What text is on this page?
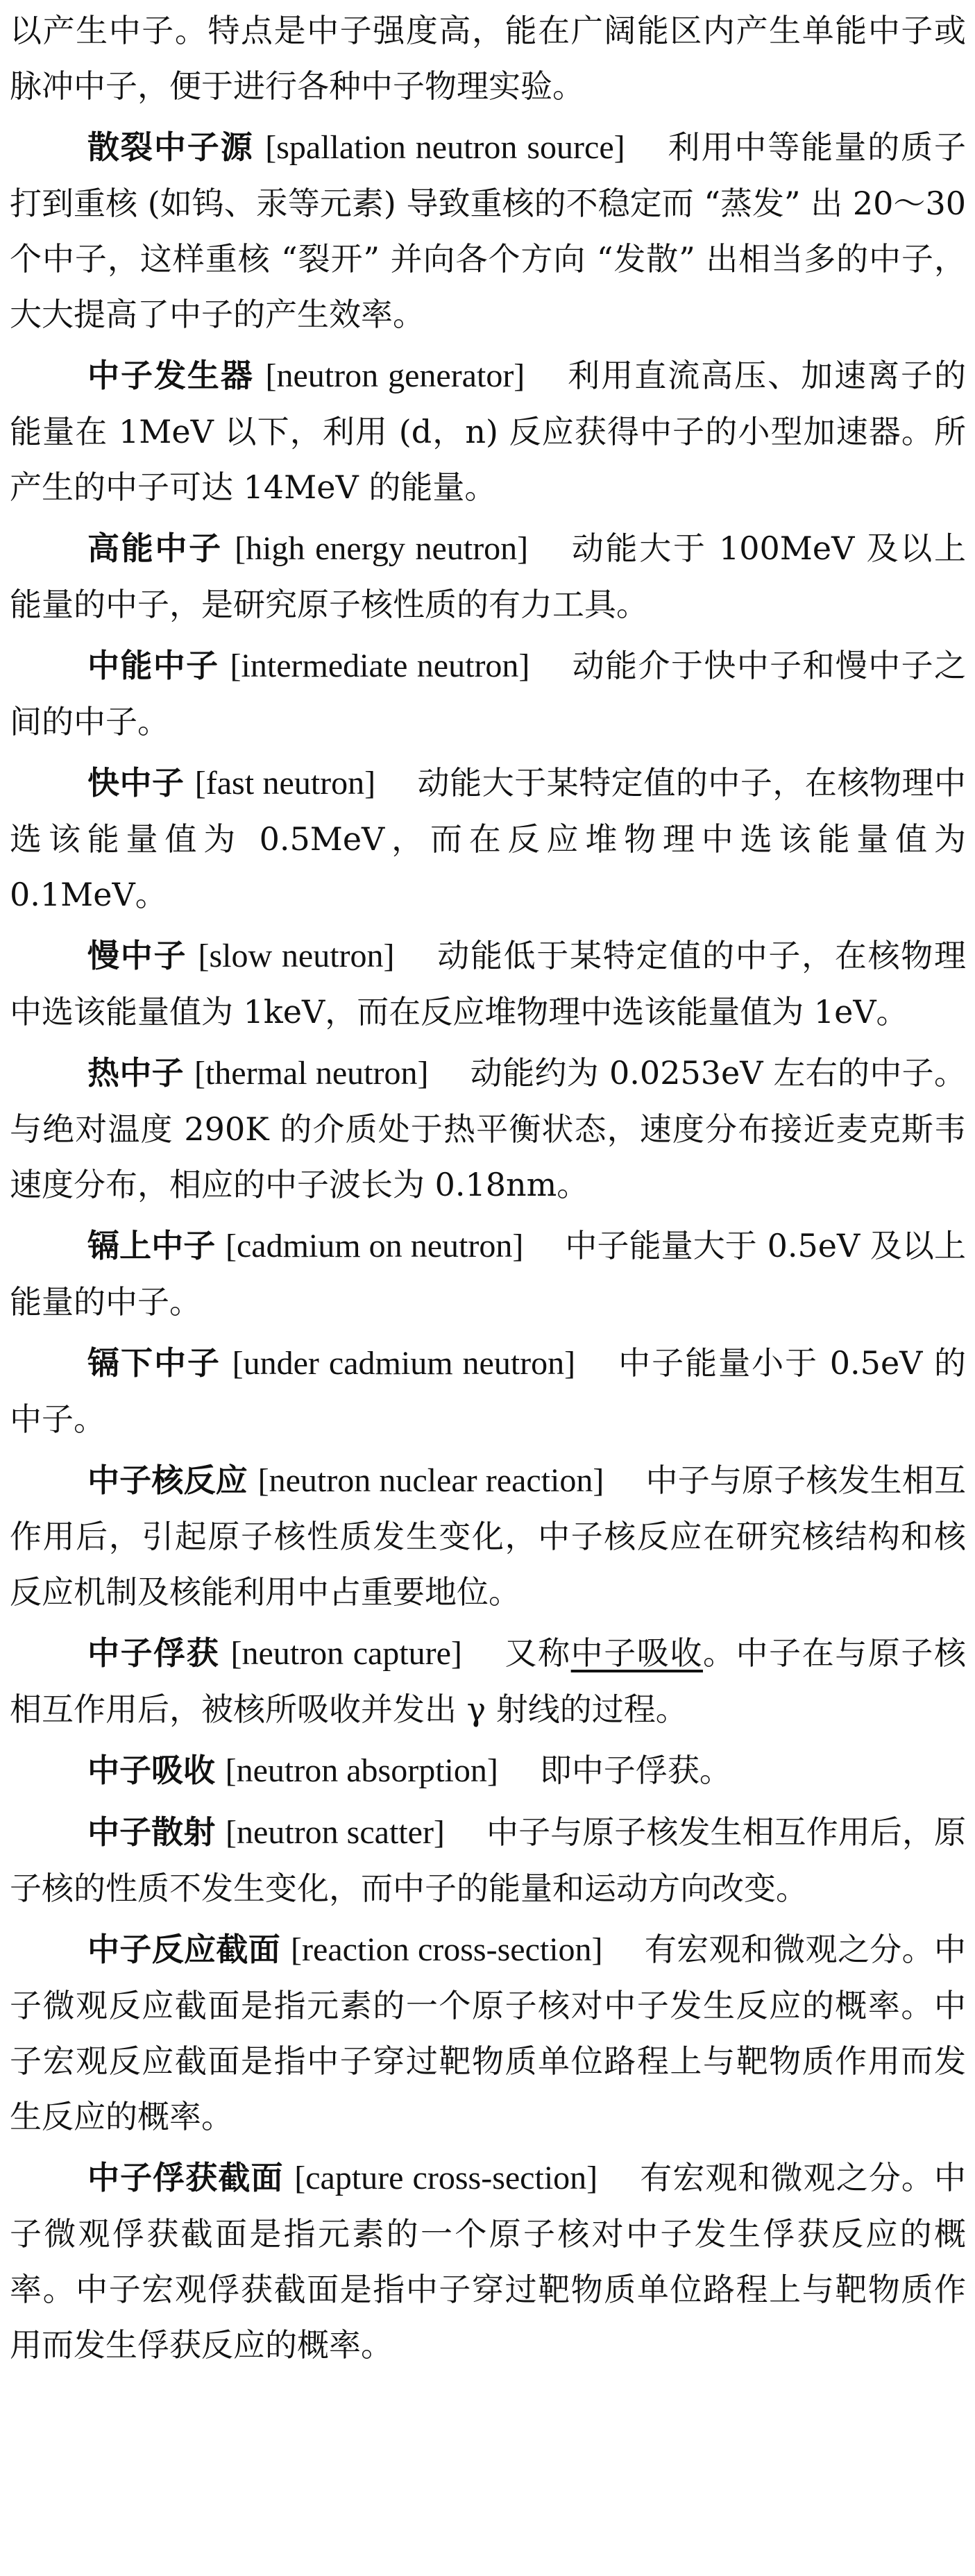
以产生中子。特点是中子强度高，能在广阔能区内产生单能中子或脉冲中子，便于进行各种中子物理实验。

散裂中子源 [spallation neutron source] 利用中等能量的质子打到重核 (如钨、汞等元素) 导致重核的不稳定而 “蒸发” 出 20～30 个中子，这样重核 “裂开” 并向各个方向 “发散” 出相当多的中子，大大提高了中子的产生效率。

中子发生器 [neutron generator] 利用直流高压、加速离子的能量在 1MeV 以下，利用 (d，n) 反应获得中子的小型加速器。所产生的中子可达 14MeV 的能量。

高能中子 [high energy neutron] 动能大于 100MeV 及以上能量的中子，是研究原子核性质的有力工具。

中能中子 [intermediate neutron] 动能介于快中子和慢中子之间的中子。

快中子 [fast neutron] 动能大于某特定值的中子，在核物理中选该能量值为 0.5MeV，而在反应堆物理中选该能量值为 0.1MeV。

慢中子 [slow neutron] 动能低于某特定值的中子，在核物理中选该能量值为 1keV，而在反应堆物理中选该能量值为 1eV。

热中子 [thermal neutron] 动能约为 0.0253eV 左右的中子。与绝对温度 290K 的介质处于热平衡状态，速度分布接近麦克斯韦速度分布，相应的中子波长为 0.18nm。

镉上中子 [cadmium on neutron] 中子能量大于 0.5eV 及以上能量的中子。

镉下中子 [under cadmium neutron] 中子能量小于 0.5eV 的中子。

中子核反应 [neutron nuclear reaction] 中子与原子核发生相互作用后，引起原子核性质发生变化，中子核反应在研究核结构和核反应机制及核能利用中占重要地位。

中子俘获 [neutron capture] 又称中子吸收。中子在与原子核相互作用后，被核所吸收并发出 γ 射线的过程。

中子吸收 [neutron absorption] 即中子俘获。

中子散射 [neutron scatter] 中子与原子核发生相互作用后，原子核的性质不发生变化，而中子的能量和运动方向改变。

中子反应截面 [reaction cross-section] 有宏观和微观之分。中子微观反应截面是指元素的一个原子核对中子发生反应的概率。中子宏观反应截面是指中子穿过靶物质单位路程上与靶物质作用而发生反应的概率。

中子俘获截面 [capture cross-section] 有宏观和微观之分。中子微观俘获截面是指元素的一个原子核对中子发生俘获反应的概率。中子宏观俘获截面是指中子穿过靶物质单位路程上与靶物质作用而发生俘获反应的概率。
